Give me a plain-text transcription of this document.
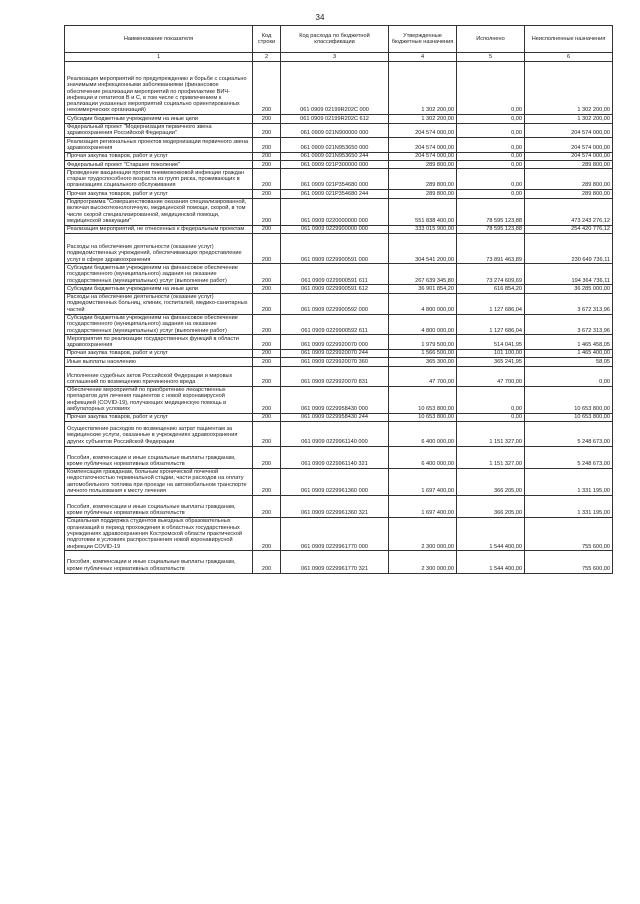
34
Наименование показателя	Код строки	Код расхода по бюджетной классификации	Утвержденные бюджетные назначения	Исполнено	Неисполненные назначения
1	2	3	4	5	6
Реализация мероприятий по предупреждению и борьбе с социально значимыми инфекционными заболеваниями (финансовое обеспечение реализации мероприятий по профилактике ВИЧ- инфекции и гепатитов В и С, в том числе с привлечением к реализации указанных мероприятий социально ориентированных некоммерческих организаций)	200	061 0909 02199R202C 000	1 302 200,00	0,00	1 302 200,00
Субсидии бюджетным учреждениям на иные цели	200	061 0909 02199R202C 612	1 302 200,00	0,00	1 302 200,00
Федеральный проект "Модернизация первичного звена здравоохранения Российской Федерации"	200	061 0909 021N900000 000	204 574 000,00	0,00	204 574 000,00
Реализация региональных проектов модернизации первичного звена здравоохранения	200	061 0909 021N953650 000	204 574 000,00	0,00	204 574 000,00
Прочая закупка товаров, работ и услуг	200	061 0909 021N953650 244	204 574 000,00	0,00	204 574 000,00
Федеральный проект "Старшее поколение"	200	061 0909 021P300000 000	289 800,00	0,00	289 800,00
Проведение вакцинации против пневмококковой инфекции граждан старше трудоспособного возраста из групп риска, проживающих в организациях социального обслуживания	200	061 0909 021P354680 000	289 800,00	0,00	289 800,00
Прочая закупка товаров, работ и услуг	200	061 0909 021P354680 244	289 800,00	0,00	289 800,00
Подпрограмма "Совершенствование оказания специализированной, включая высокотехнологичную, медицинской помощи, скорой, в том числе скорой специализированной, медицинской помощи, медицинской эвакуации"	200	061 0909 0220000000 000	551 838 400,00	78 595 123,88	473 243 276,12
Реализация мероприятий, не отнесенных к федеральным проектам	200	061 0909 0229900000 000	333 015 900,00	78 595 123,88	254 420 776,12
Расходы на обеспечение деятельности (оказание услуг) подведомственных учреждений, обеспечивающих предоставление услуг в сфере здравоохранения	200	061 0909 0229900591 000	304 541 200,00	73 891 463,89	230 649 736,11
Субсидии бюджетным учреждениям на финансовое обеспечение государственного (муниципального) задания на оказание государственных (муниципальных) услуг (выполнение работ)	200	061 0909 0229900591 611	267 639 345,80	73 274 609,69	194 364 736,11
Субсидии бюджетным учреждениям на иные цели	200	061 0909 0229900591 612	36 901 854,20	616 854,20	36 285 000,00
Расходы на обеспечение деятельности (оказание услуг) подведомственных больниц, клиник, госпиталей, медико-санитарных частей	200	061 0909 0229900592 000	4 800 000,00	1 127 686,04	3 672 313,96
Субсидии бюджетным учреждениям на финансовое обеспечение государственного (муниципального) задания на оказание государственных (муниципальных) услуг (выполнение работ)	200	061 0909 0229900592 611	4 800 000,00	1 127 686,04	3 672 313,96
Мероприятия по реализации государственных функций в области здравоохранения	200	061 0909 0229920070 000	1 979 500,00	514 041,95	1 465 458,05
Прочая закупка товаров, работ и услуг	200	061 0909 0229920070 244	1 566 500,00	101 100,00	1 465 400,00
Иные выплаты населению	200	061 0909 0229920070 360	365 300,00	365 241,95	58,05
Исполнение судебных актов Российской Федерации и мировых соглашений по возмещению причиненного вреда	200	061 0909 0229920070 831	47 700,00	47 700,00	0,00
Обеспечение мероприятий по приобретению лекарственных препаратов для лечения пациентов с новой коронавирусной инфекцией (COVID-19), получающих медицинскую помощь в амбулаторных условиях	200	061 0909 0229958430 000	10 653 800,00	0,00	10 653 800,00
Прочая закупка товаров, работ и услуг	200	061 0909 0229958430 244	10 653 800,00	0,00	10 653 800,00
Осуществление расходов по возмещению затрат пациентам за медицинские услуги, оказанные в учреждениях здравоохранения других субъектов Российской Федерации	200	061 0909 0229961140 000	6 400 000,00	1 151 327,00	5 248 673,00
Пособия, компенсации и иные социальные выплаты гражданам, кроме публичных нормативных обязательств	200	061 0909 0229961140 321	6 400 000,00	1 151 327,00	5 248 673,00
Компенсация гражданам, больным хронической почечной недостаточностью терминальной стадии, части расходов на оплату автомобильного топлива при проезде на автомобильном транспорте личного пользования к месту лечения	200	061 0909 0229961360 000	1 697 400,00	366 205,00	1 331 195,00
Пособия, компенсации и иные социальные выплаты гражданам, кроме публичных нормативных обязательств	200	061 0909 0229961360 321	1 697 400,00	366 205,00	1 331 195,00
Социальная поддержка студентов выездных образовательных организаций в период прохождения в областных государственных учреждениях здравоохранения Костромской области практической подготовки в условиях распространения новой коронавирусной инфекции COVID-19	200	061 0909 0229961770 000	2 300 000,00	1 544 400,00	755 600,00
Пособия, компенсации и иные социальные выплаты гражданам, кроме публичных нормативных обязательств	200	061 0909 0229961770 321	2 300 000,00	1 544 400,00	755 600,00
